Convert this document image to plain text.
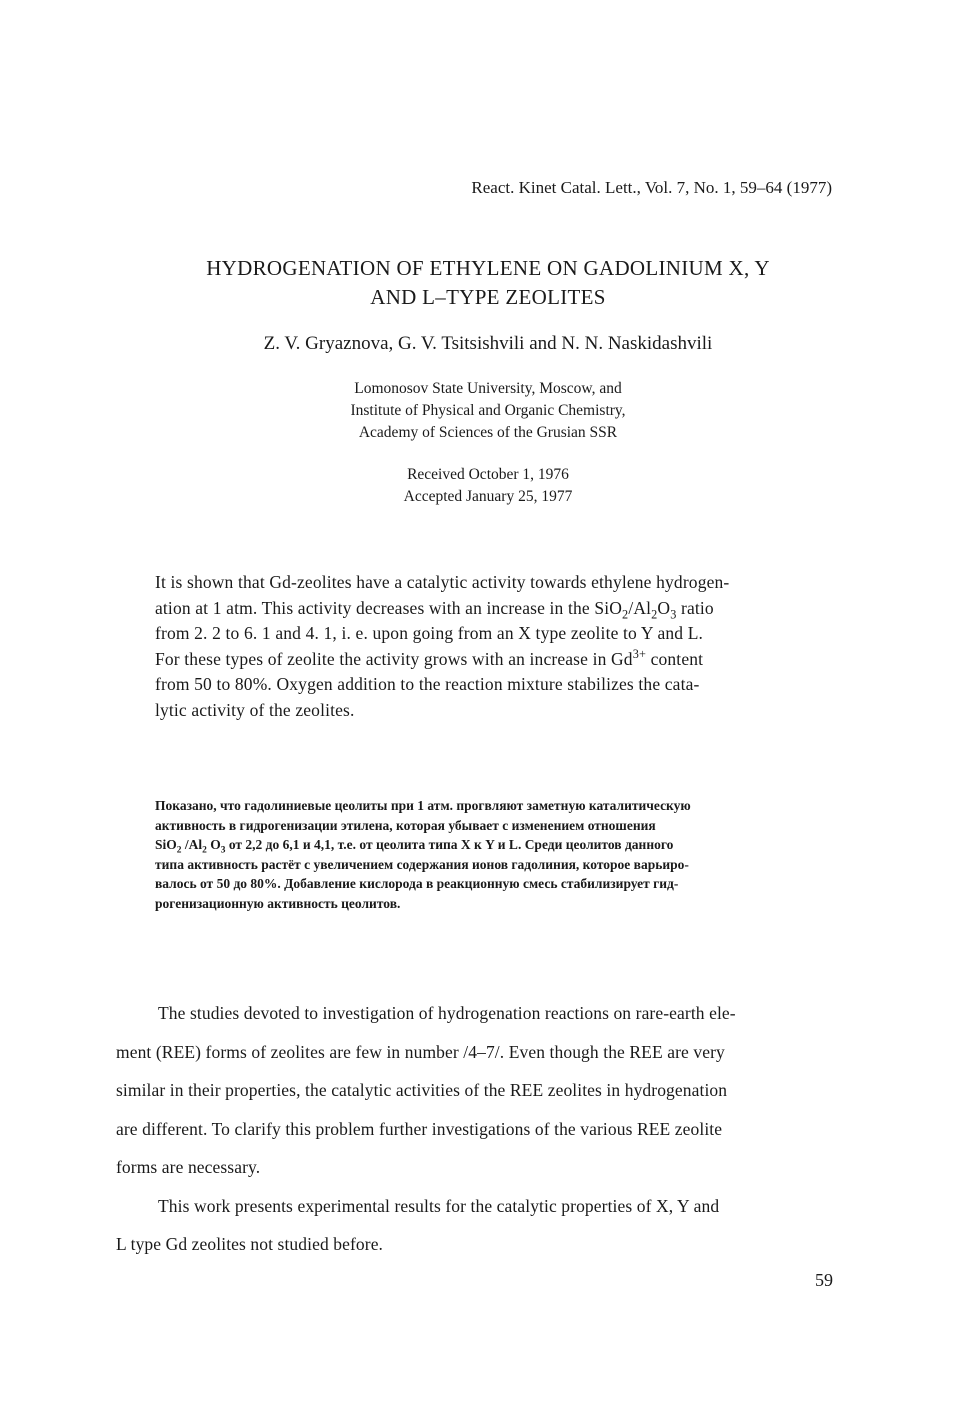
React. Kinet Catal. Lett., Vol. 7, No. 1, 59–64 (1977)
HYDROGENATION OF ETHYLENE ON GADOLINIUM X, Y
AND L–TYPE ZEOLITES
Z. V. Gryaznova, G. V. Tsitsishvili and N. N. Naskidashvili
Lomonosov State University, Moscow, and
Institute of Physical and Organic Chemistry,
Academy of Sciences of the Grusian SSR
Received October 1, 1976
Accepted January 25, 1977
It is shown that Gd-zeolites have a catalytic activity towards ethylene hydrogen-
ation at 1 atm. This activity decreases with an increase in the $SiO_2/Al_2O_3$ ratio
from 2. 2 to 6. 1 and 4. 1, i. e. upon going from an X type zeolite to Y and L.
For these types of zeolite the activity grows with an increase in $Gd^{3+}$ content
from 50 to 80%. Oxygen addition to the reaction mixture stabilizes the cata-
lytic activity of the zeolites.
Показано, что гадолиниевые цеолиты при 1 атм. прогвляют заметную каталитическую
активность в гидрогенизации этилена, которая убывает с изменением отношения
SiO$_2$ $/Al_2$ $O_3$ от 2,2 до 6,1 и 4,1, т.е. от цеолита типа X к Y и L. Среди цеолитов данного
типа активность растёт с увеличением содержания ионов гадолиния, которое варьиро-
валось от 50 до 80%. Добавление кислорода в реакционную смесь стабилизирует гид-
рогенизационную активность цеолитов.
The studies devoted to investigation of hydrogenation reactions on rare-earth ele-
ment (REE) forms of zeolites are few in number /4–7/. Even though the REE are very
similar in their properties, the catalytic activities of the REE zeolites in hydrogenation
are different. To clarify this problem further investigations of the various REE zeolite
forms are necessary.
This work presents experimental results for the catalytic properties of X, Y and
L type Gd zeolites not studied before.
59
